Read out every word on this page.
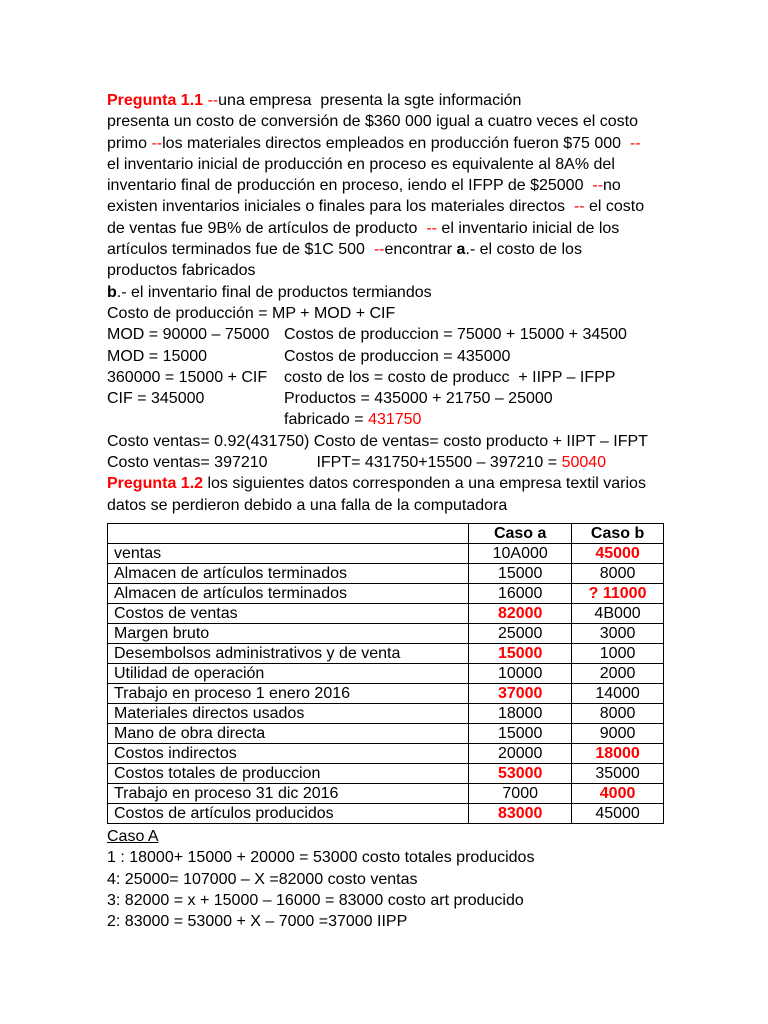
Pregunta 1.1 --una empresa  presenta la sgte información
presenta un costo de conversión de $360 000 igual a cuatro veces el costo
primo --los materiales directos empleados en producción fueron $75 000  --
el inventario inicial de producción en proceso es equivalente al 8A% del
inventario final de producción en proceso, iendo el IFPP de $25000  --no
existen inventarios iniciales o finales para los materiales directos  -- el costo
de ventas fue 9B% de artículos de producto  -- el inventario inicial de los
artículos terminados fue de $1C 500  --encontrar a.- el costo de los
productos fabricados
b.- el inventario final de productos termiandos
Costo de producción = MP + MOD + CIF
MOD = 90000 – 75000 Costos de produccion = 75000 + 15000 + 34500
MOD = 15000	Costos de produccion = 435000
360000 = 15000 + CIF	costo de los = costo de producc  + IIPP – IFPP
CIF = 345000	Productos = 435000 + 21750 – 25000
fabricado = 431750
Costo ventas= 0.92(431750) Costo de ventas= costo producto + IIPT – IFPT
Costo ventas= 397210           IFPT= 431750+15500 – 397210 = 50040
Pregunta 1.2 los siguientes datos corresponden a una empresa textil varios
datos se perdieron debido a una falla de la computadora
	Caso a	Caso b
ventas	10A000	45000
Almacen de artículos terminados	15000	8000
Almacen de artículos terminados	16000	? 11000
Costos de ventas	82000	4B000
Margen bruto	25000	3000
Desembolsos administrativos y de venta	15000	1000
Utilidad de operación	10000	2000
Trabajo en proceso 1 enero 2016	37000	14000
Materiales directos usados	18000	8000
Mano de obra directa	15000	9000
Costos indirectos	20000	18000
Costos totales de produccion	53000	35000
Trabajo en proceso 31 dic 2016	7000	4000
Costos de artículos producidos	83000	45000
Caso A
1 : 18000+ 15000 + 20000 = 53000 costo totales producidos
4: 25000= 107000 – X =82000 costo ventas
3: 82000 = x + 15000 – 16000 = 83000 costo art producido
2: 83000 = 53000 + X – 7000 =37000 IIPP
